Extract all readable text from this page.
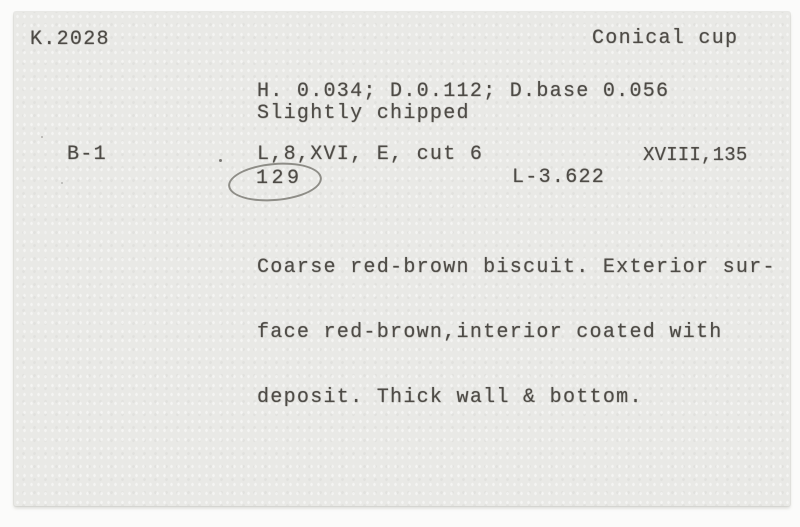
K.2028	Conical cup
H. 0.034; D.0.112; D.base 0.056
Slightly chipped
B-1	L,8,XVI, E, cut 6	XVIII,135
129	L-3.622

Coarse red-brown biscuit. Exterior sur-

face red-brown,interior coated with

deposit. Thick wall & bottom.
